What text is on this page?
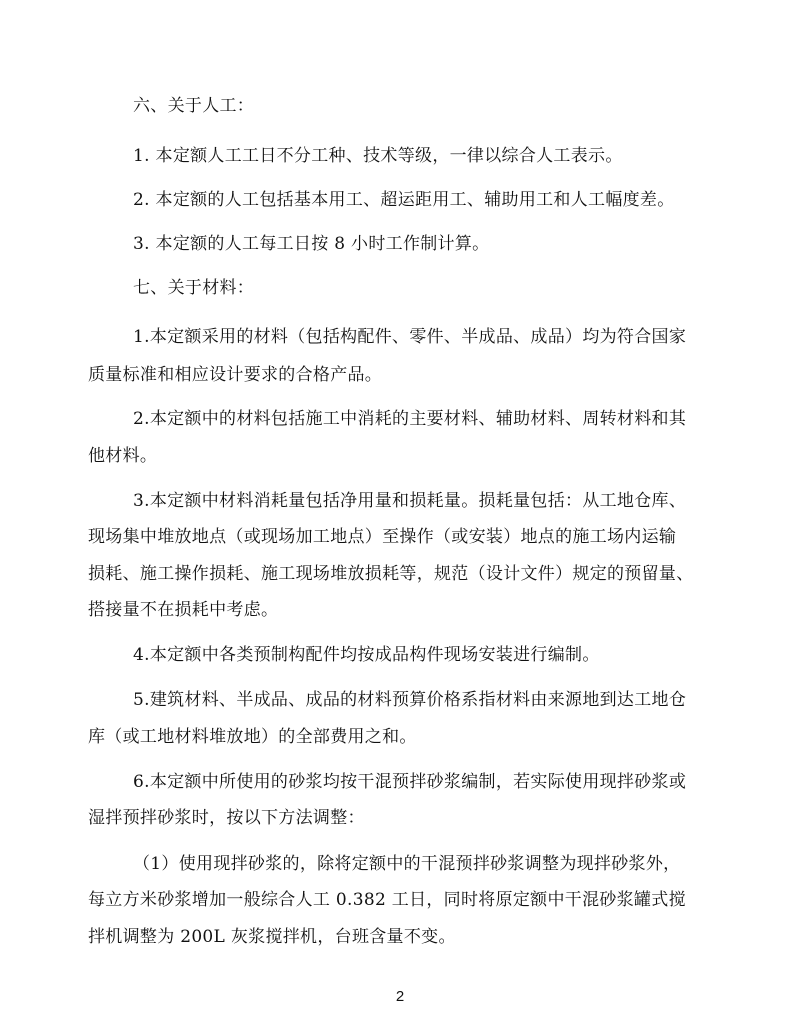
六、关于人工：
1. 本定额人工工日不分工种、技术等级，一律以综合人工表示。
2. 本定额的人工包括基本用工、超运距用工、辅助用工和人工幅度差。
3. 本定额的人工每工日按 8 小时工作制计算。
七、关于材料：
1.本定额采用的材料（包括构配件、零件、半成品、成品）均为符合国家
质量标准和相应设计要求的合格产品。
2.本定额中的材料包括施工中消耗的主要材料、辅助材料、周转材料和其
他材料。
3.本定额中材料消耗量包括净用量和损耗量。损耗量包括：从工地仓库、
现场集中堆放地点（或现场加工地点）至操作（或安装）地点的施工场内运输
损耗、施工操作损耗、施工现场堆放损耗等，规范（设计文件）规定的预留量、
搭接量不在损耗中考虑。
4.本定额中各类预制构配件均按成品构件现场安装进行编制。
5.建筑材料、半成品、成品的材料预算价格系指材料由来源地到达工地仓
库（或工地材料堆放地）的全部费用之和。
6.本定额中所使用的砂浆均按干混预拌砂浆编制，若实际使用现拌砂浆或
湿拌预拌砂浆时，按以下方法调整：
（1）使用现拌砂浆的，除将定额中的干混预拌砂浆调整为现拌砂浆外，
每立方米砂浆增加一般综合人工 0.382 工日，同时将原定额中干混砂浆罐式搅
拌机调整为 200L 灰浆搅拌机，台班含量不变。
2
